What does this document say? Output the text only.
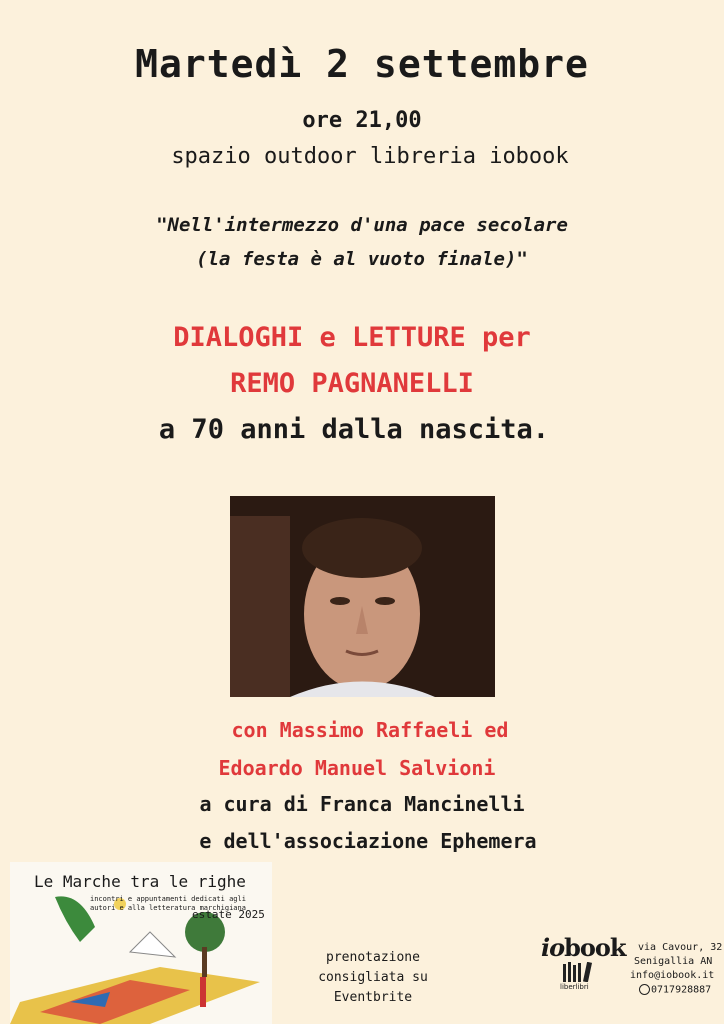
Martedì 2 settembre
ore 21,00
spazio outdoor libreria iobook
"Nell'intermezzo d'una pace secolare
(la festa è al vuoto finale)"
DIALOGHI e LETTURE per
REMO PAGNANELLI
a 70 anni dalla nascita.
con Massimo Raffaeli ed
Edoardo Manuel Salvioni
a cura di Franca Mancinelli
e dell'associazione Ephemera
Le Marche tra le righe
incontri e appuntamenti dedicati agli
autori e alla letteratura marchigiana
estate 2025
prenotazione
consigliata su
Eventbrite
iobook
liberlibri
via Cavour, 32
Senigallia AN
info@iobook.it
0717928887
